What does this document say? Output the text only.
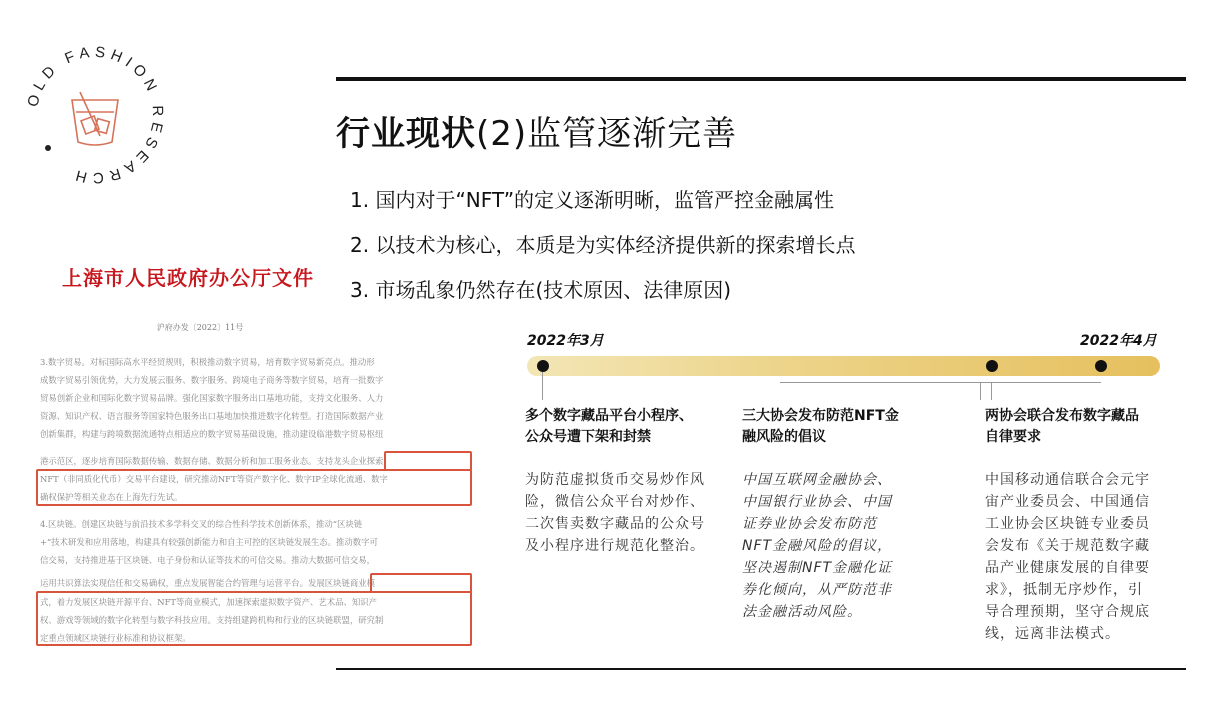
OLD FASHION RESEARCH
行业现状(2)监管逐渐完善
1. 国内对于“NFT”的定义逐渐明晰，监管严控金融属性
2. 以技术为核心，本质是为实体经济提供新的探索增长点
3. 市场乱象仍然存在(技术原因、法律原因)
上海市人民政府办公厅文件
沪府办发〔2022〕11号
3.数字贸易。对标国际高水平经贸规则，积极推动数字贸易，培育数字贸易新亮点。推动形
成数字贸易引领优势，大力发展云服务、数字服务、跨境电子商务等数字贸易，培育一批数字
贸易创新企业和国际化数字贸易品牌。强化国家数字服务出口基地功能，支持文化服务、人力
资源、知识产权、语言服务等国家特色服务出口基地加快推进数字化转型。打造国际数据产业
创新集群，构建与跨境数据流通特点相适应的数字贸易基础设施，推动建设临港数字贸易枢纽
港示范区，逐步培育国际数据传输、数据存储、数据分析和加工服务业态。支持龙头企业探索
NFT（非同质化代币）交易平台建设，研究推动NFT等资产数字化、数字IP全球化流通、数字
确权保护等相关业态在上海先行先试。
4.区块链。创建区块链与前沿技术多学科交叉的综合性科学技术创新体系，推动“区块链
+”技术研发和应用落地，构建具有较强创新能力和自主可控的区块链发展生态。推动数字可
信交易，支持推进基于区块链、电子身份和认证等技术的可信交易。推动大数据可信交易，
运用共识算法实现信任和交易确权，重点发展智能合约管理与运营平台。发展区块链商业模
式，着力发展区块链开源平台、NFT等商业模式，加速探索虚拟数字资产、艺术品、知识产
权、游戏等领域的数字化转型与数字科技应用。支持组建跨机构和行业的区块链联盟，研究制
定重点领域区块链行业标准和协议框架。
2022年3月	2022年4月
多个数字藏品平台小程序、
公众号遭下架和封禁
为防范虚拟货币交易炒作风
险，微信公众平台对炒作、
二次售卖数字藏品的公众号
及小程序进行规范化整治。
三大协会发布防范NFT金
融风险的倡议
中国互联网金融协会、
中国银行业协会、中国
证券业协会发布防范
NFT金融风险的倡议，
坚决遏制NFT金融化证
券化倾向，从严防范非
法金融活动风险。
两协会联合发布数字藏品
自律要求
中国移动通信联合会元宇
宙产业委员会、中国通信
工业协会区块链专业委员
会发布《关于规范数字藏
品产业健康发展的自律要
求》，抵制无序炒作，引
导合理预期，坚守合规底
线，远离非法模式。
